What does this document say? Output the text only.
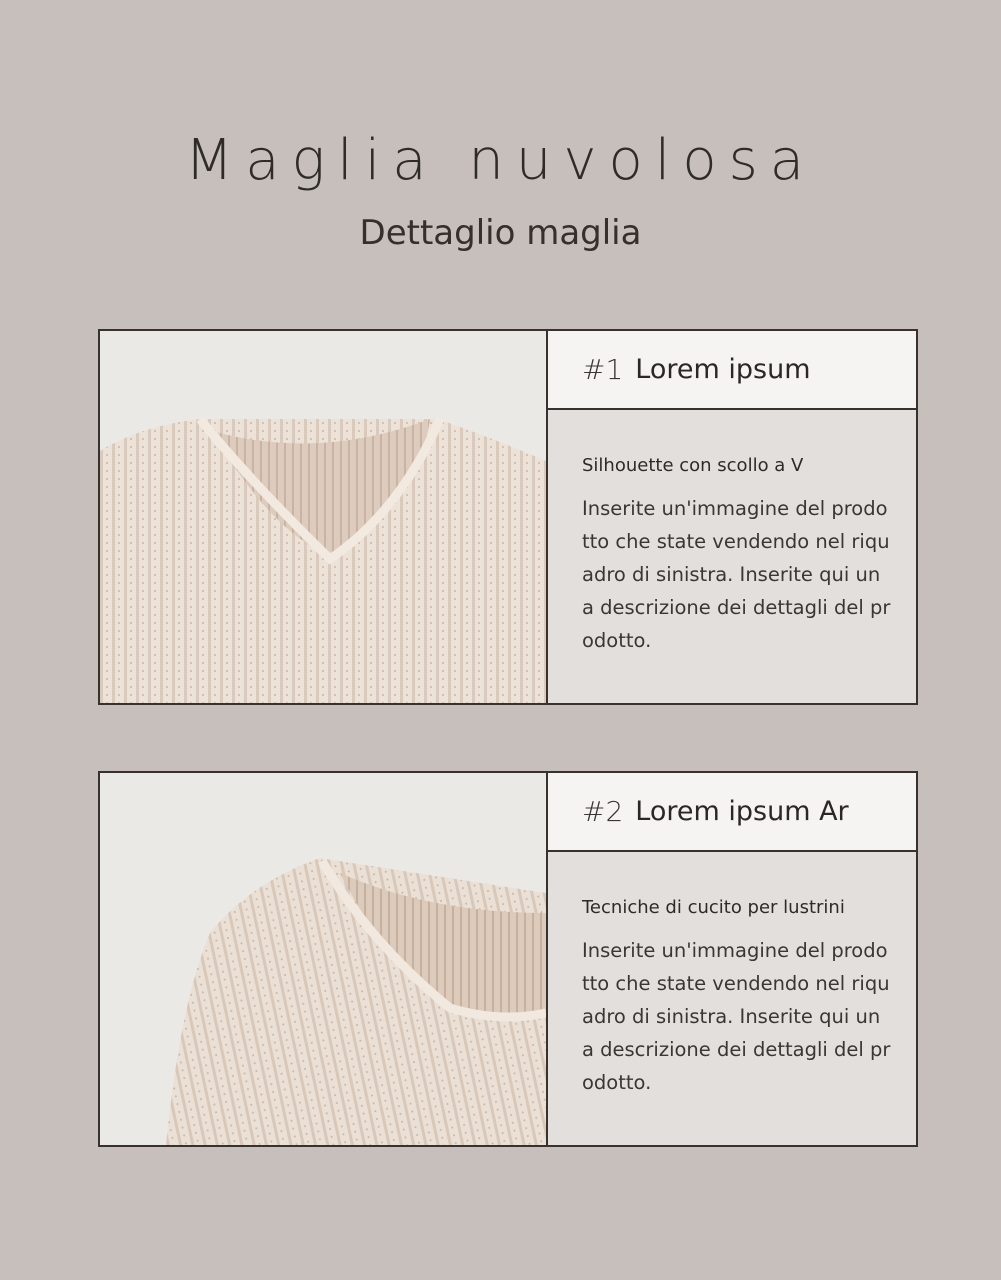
Maglia nuvolosa
Dettaglio maglia
#1 Lorem ipsum
Silhouette con scollo a V
Inserite un'immagine del prodotto che state vendendo nel riquadro di sinistra. Inserite qui una descrizione dei dettagli del prodotto.
#2 Lorem ipsum Ar
Tecniche di cucito per lustrini
Inserite un'immagine del prodotto che state vendendo nel riquadro di sinistra. Inserite qui una descrizione dei dettagli del prodotto.
